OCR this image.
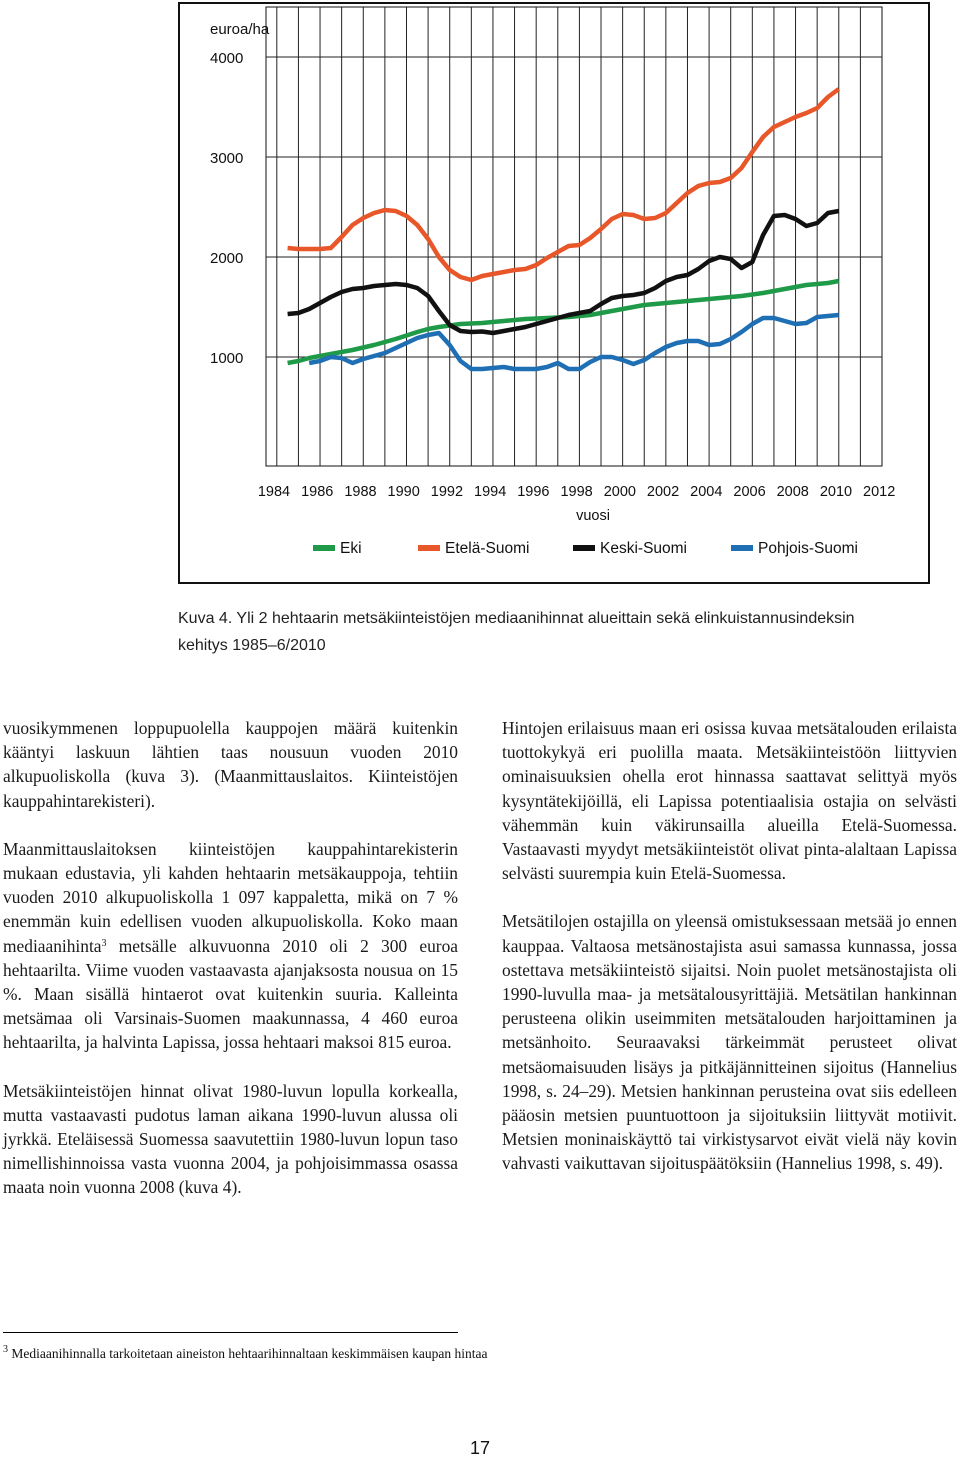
euroa/ha
1000
2000
3000
4000
1984 1986 1988 1990 1992 1994 1996 1998 2000 2002 2004 2006 2008 2010 2012
vuosi
Eki	Etelä-Suomi	Keski-Suomi	Pohjois-Suomi
Kuva 4. Yli 2 hehtaarin metsäkiinteistöjen mediaanihinnat alueittain sekä elinkuistannusindeksin
kehitys 1985–6/2010

vuosikymmenen loppupuolella kauppojen määrä kuitenkin kääntyi laskuun lähtien taas nousuun vuoden 2010 alkupuoliskolla (kuva 3). (Maanmittauslaitos. Kiinteistöjen kauppahintarekisteri).

Maanmittauslaitoksen kiinteistöjen kauppahintarekisterin mukaan edustavia, yli kahden hehtaarin metsäkauppoja, tehtiin vuoden 2010 alkupuoliskolla 1 097 kappaletta, mikä on 7 % enemmän kuin edellisen vuoden alkupuoliskolla. Koko maan mediaanihinta$^3$ metsälle alkuvuonna 2010 oli 2 300 euroa hehtaarilta. Viime vuoden vastaavasta ajanjaksosta nousua on 15 %. Maan sisällä hintaerot ovat kuitenkin suuria. Kalleinta metsämaa oli Varsinais-Suomen maakunnassa, 4 460 euroa hehtaarilta, ja halvinta Lapissa, jossa hehtaari maksoi 815 euroa.

Metsäkiinteistöjen hinnat olivat 1980-luvun lopulla korkealla, mutta vastaavasti pudotus laman aikana 1990-luvun alussa oli jyrkkä. Eteläisessä Suomessa saavutettiin 1980-luvun lopun taso nimellishinnoissa vasta vuonna 2004, ja pohjoisimmassa osassa maata noin vuonna 2008 (kuva 4).

Hintojen erilaisuus maan eri osissa kuvaa metsätalouden erilaista tuottokykyä eri puolilla maata. Metsäkiinteistöön liittyvien ominaisuuksien ohella erot hinnassa saattavat selittyä myös kysyntätekijöillä, eli Lapissa potentiaalisia ostajia on selvästi vähemmän kuin väkirunsailla alueilla Etelä-Suomessa. Vastaavasti myydyt metsäkiinteistöt olivat pinta-alaltaan Lapissa selvästi suurempia kuin Etelä-Suomessa.

Metsätilojen ostajilla on yleensä omistuksessaan metsää jo ennen kauppaa. Valtaosa metsänostajista asui samassa kunnassa, jossa ostettava metsäkiinteistö sijaitsi. Noin puolet metsänostajista oli 1990-luvulla maa- ja metsätalousyrittäjiä. Metsätilan hankinnan perusteena olikin useimmiten metsätalouden harjoittaminen ja metsänhoito. Seuraavaksi tärkeimmät perusteet olivat metsäomaisuuden lisäys ja pitkäjännitteinen sijoitus (Hannelius 1998, s. 24–29). Metsien hankinnan perusteina ovat siis edelleen pääosin metsien puuntuottoon ja sijoituksiin liittyvät motiivit. Metsien moninaiskäyttö tai virkistysarvot eivät vielä näy kovin vahvasti vaikuttavan sijoituspäätöksiin (Hannelius 1998, s. 49).

$^3$ Mediaanihinnalla tarkoitetaan aineiston hehtaarihinnaltaan keskimmäisen kaupan hintaa
17
